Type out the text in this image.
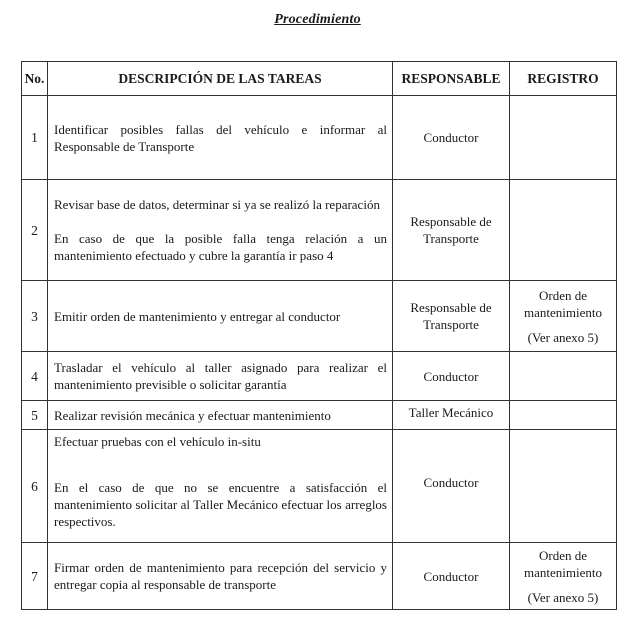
Procedimiento
No.	DESCRIPCIÓN DE LAS TAREAS	RESPONSABLE	REGISTRO
1	Identificar posibles fallas del vehículo e informar al Responsable de Transporte	Conductor	
2	Revisar base de datos, determinar si ya se realizó la reparación

En caso de que la posible falla tenga relación a un mantenimiento efectuado y cubre la garantía ir paso 4	Responsable de Transporte	
3	Emitir orden de mantenimiento y entregar al conductor	Responsable de Transporte	Orden de mantenimiento
(Ver anexo 5)

4	Trasladar el vehículo al taller asignado para realizar el mantenimiento previsible o solicitar garantía	Conductor	
5	Realizar revisión mecánica y efectuar mantenimiento	Taller Mecánico	
6	Efectuar pruebas con el vehículo in-situ

En el caso de que no se encuentre a satisfacción el mantenimiento solicitar al Taller Mecánico efectuar los arreglos respectivos.	Conductor	
7	Firmar orden de mantenimiento para recepción del servicio y entregar copia al responsable de transporte	Conductor	Orden de mantenimiento
(Ver anexo 5)
